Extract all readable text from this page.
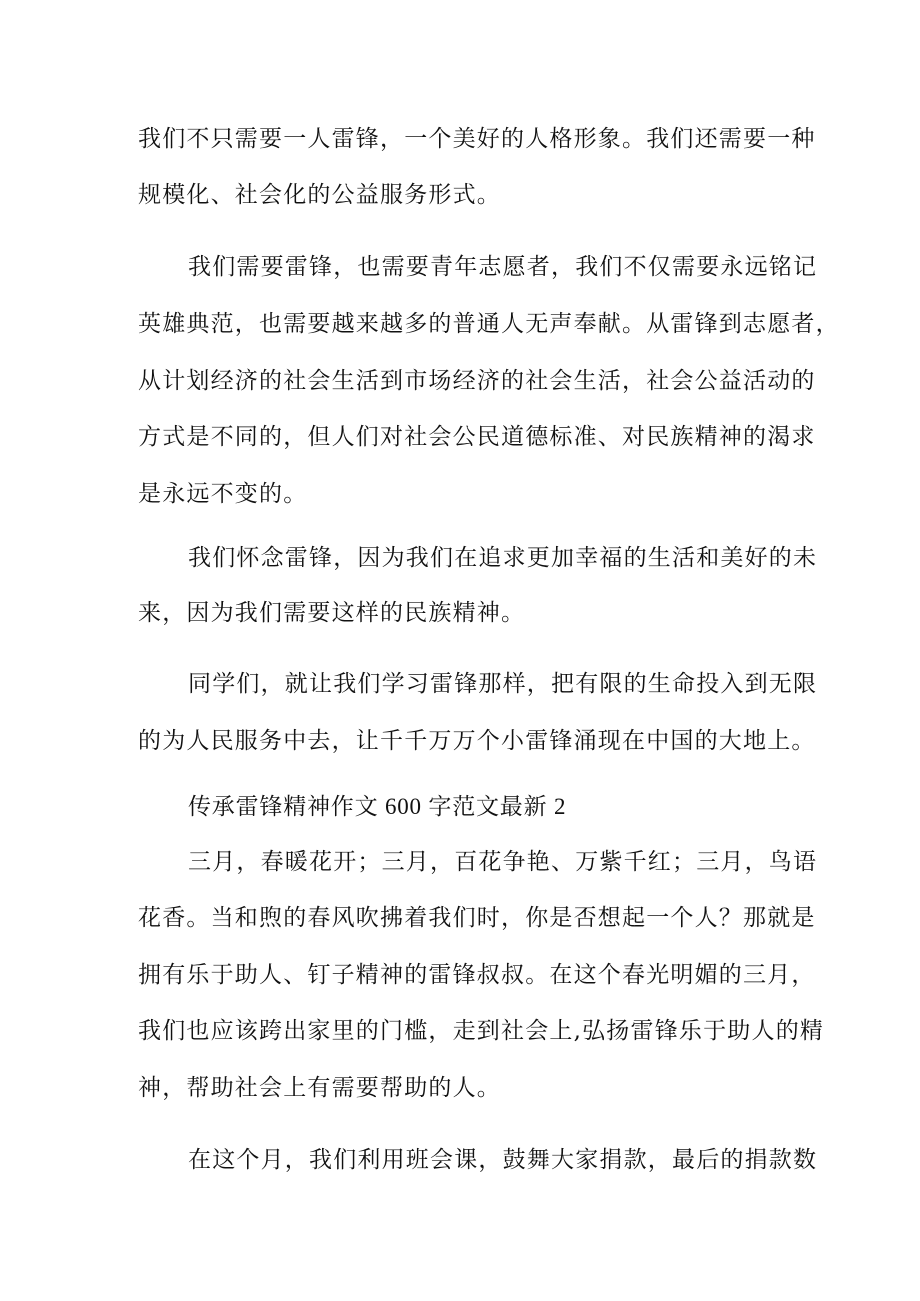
我们不只需要一人雷锋，一个美好的人格形象。我们还需要一种
规模化、社会化的公益服务形式。
我们需要雷锋，也需要青年志愿者，我们不仅需要永远铭记
英雄典范，也需要越来越多的普通人无声奉献。从雷锋到志愿者，
从计划经济的社会生活到市场经济的社会生活，社会公益活动的
方式是不同的，但人们对社会公民道德标准、对民族精神的渴求
是永远不变的。
我们怀念雷锋，因为我们在追求更加幸福的生活和美好的未
来，因为我们需要这样的民族精神。
同学们，就让我们学习雷锋那样，把有限的生命投入到无限
的为人民服务中去，让千千万万个小雷锋涌现在中国的大地上。
传承雷锋精神作文 600 字范文最新 2
三月，春暖花开；三月，百花争艳、万紫千红；三月，鸟语
花香。当和煦的春风吹拂着我们时，你是否想起一个人？那就是
拥有乐于助人、钉子精神的雷锋叔叔。在这个春光明媚的三月，
我们也应该跨出家里的门槛，走到社会上,弘扬雷锋乐于助人的精
神，帮助社会上有需要帮助的人。
在这个月，我们利用班会课，鼓舞大家捐款，最后的捐款数
